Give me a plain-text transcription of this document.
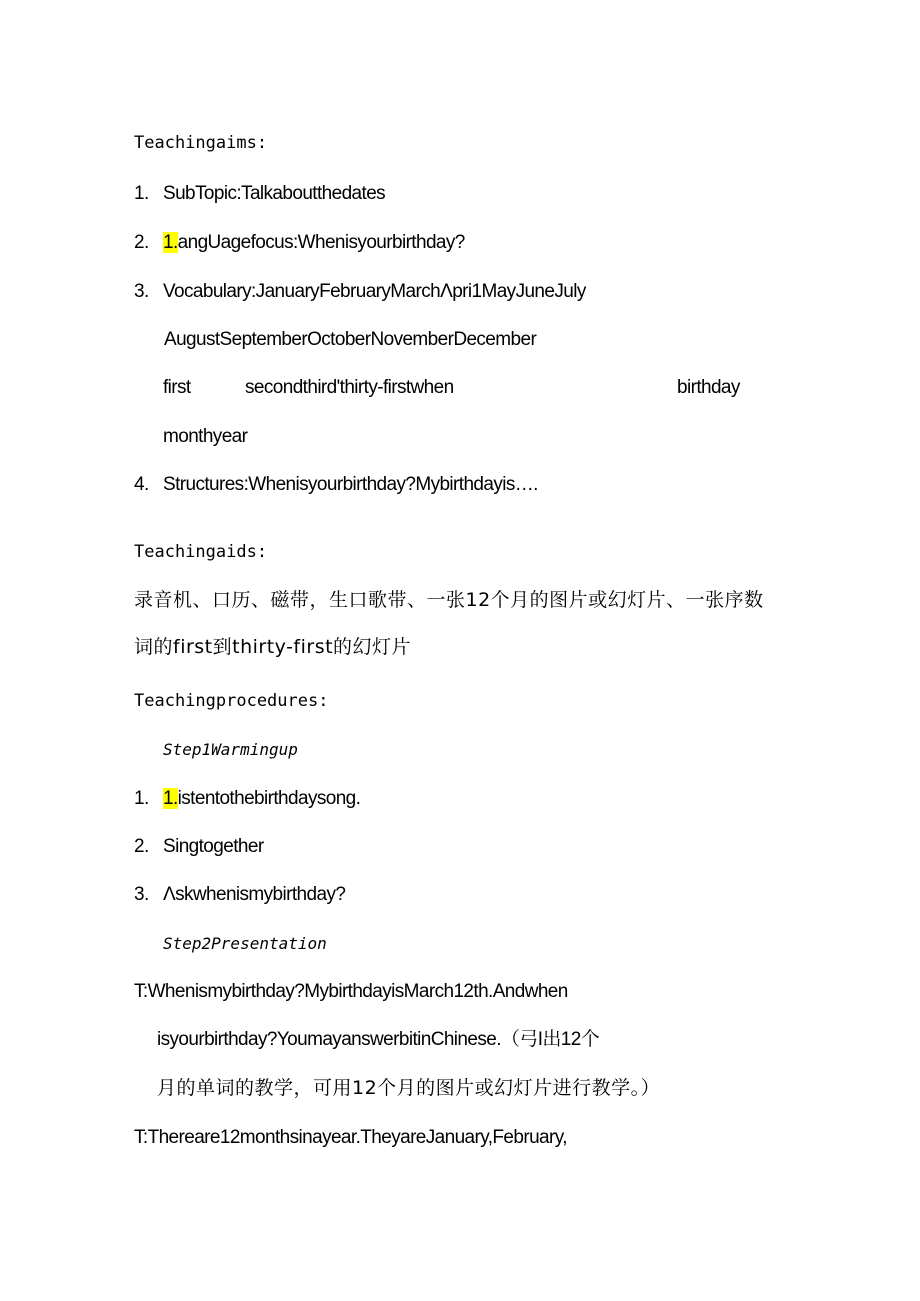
Teachingaims:
1. SubTopic:Talkaboutthedates
2. 1.angUagefocus:Whenisyourbirthday?
3. Vocabulary:JanuaryFebruaryMarchΛpri1MayJuneJuly
AugustSeptemberOctoberNovemberDecember
first	secondthird'thirty-firstwhen	birthday
monthyear
4. Structures:Whenisyourbirthday?Mybirthdayis….
Teachingaids:
录音机、口历、磁带，生口歌带、一张12个月的图片或幻灯片、一张序数
词的first到thirty-first的幻灯片
Teachingprocedures:
Step1Warmingup
1. 1.istentothebirthdaysong.
2. Singtogether
3. Λskwhenismybirthday?
Step2Presentation
T:Whenismybirthday?MybirthdayisMarch12th.Andwhen
isyourbirthday?YoumayanswerbitinChinese.（弓I出12个
月的单词的教学，可用12个月的图片或幻灯片进行教学。）
T:Thereare12monthsinayear.TheyareJanuary,February,
